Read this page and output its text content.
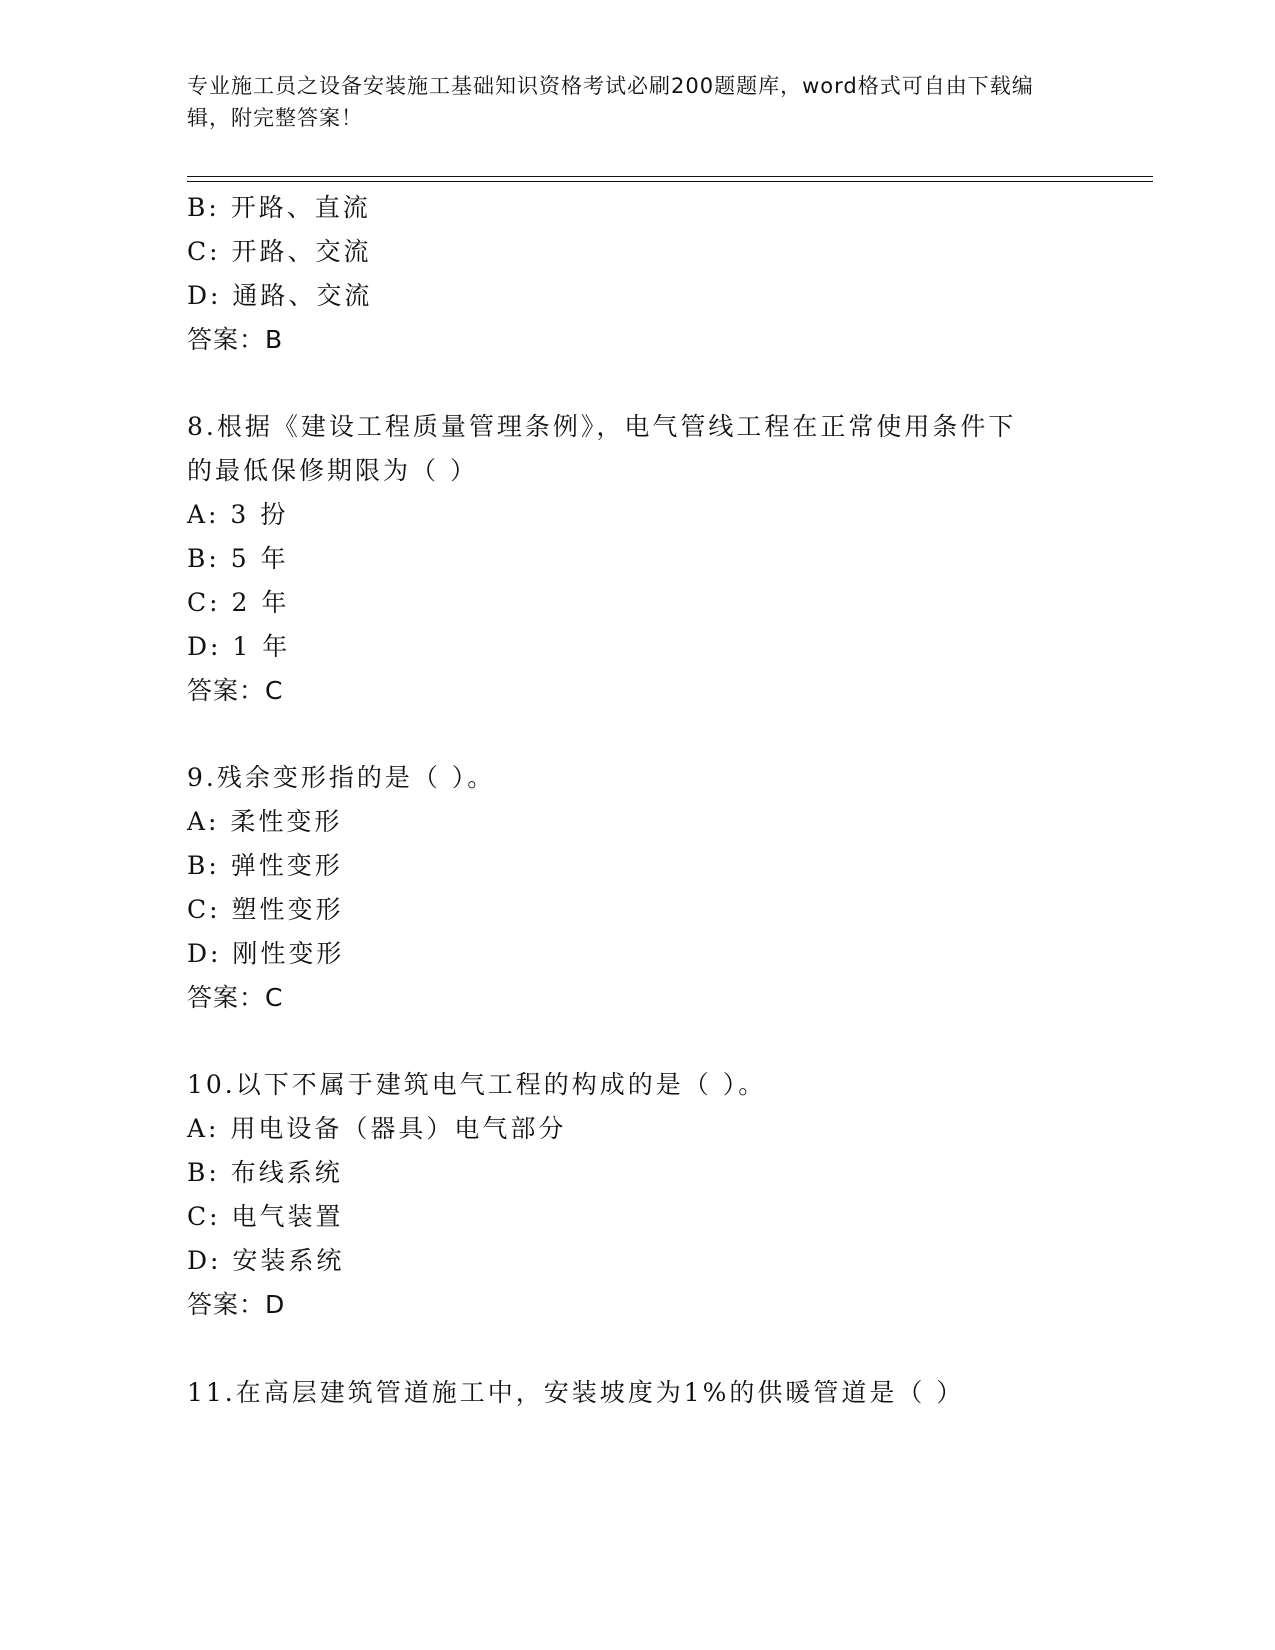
专业施工员之设备安装施工基础知识资格考试必刷200题题库，word格式可自由下载编辑，附完整答案！
B: 开路、直流
C: 开路、交流
D: 通路、交流
答案：B
8.根据《建设工程质量管理条例》，电气管线工程在正常使用条件下
的最低保修期限为（ ）
A: 3 扮
B: 5 年
C: 2 年
D: 1 年
答案：C
9.残余变形指的是（ ）。
A: 柔性变形
B: 弹性变形
C: 塑性变形
D: 刚性变形
答案：C
10.以下不属于建筑电气工程的构成的是（ ）。
A: 用电设备（器具）电气部分
B: 布线系统
C: 电气装置
D: 安装系统
答案：D
11.在高层建筑管道施工中，安装坡度为1%的供暖管道是（ ）
